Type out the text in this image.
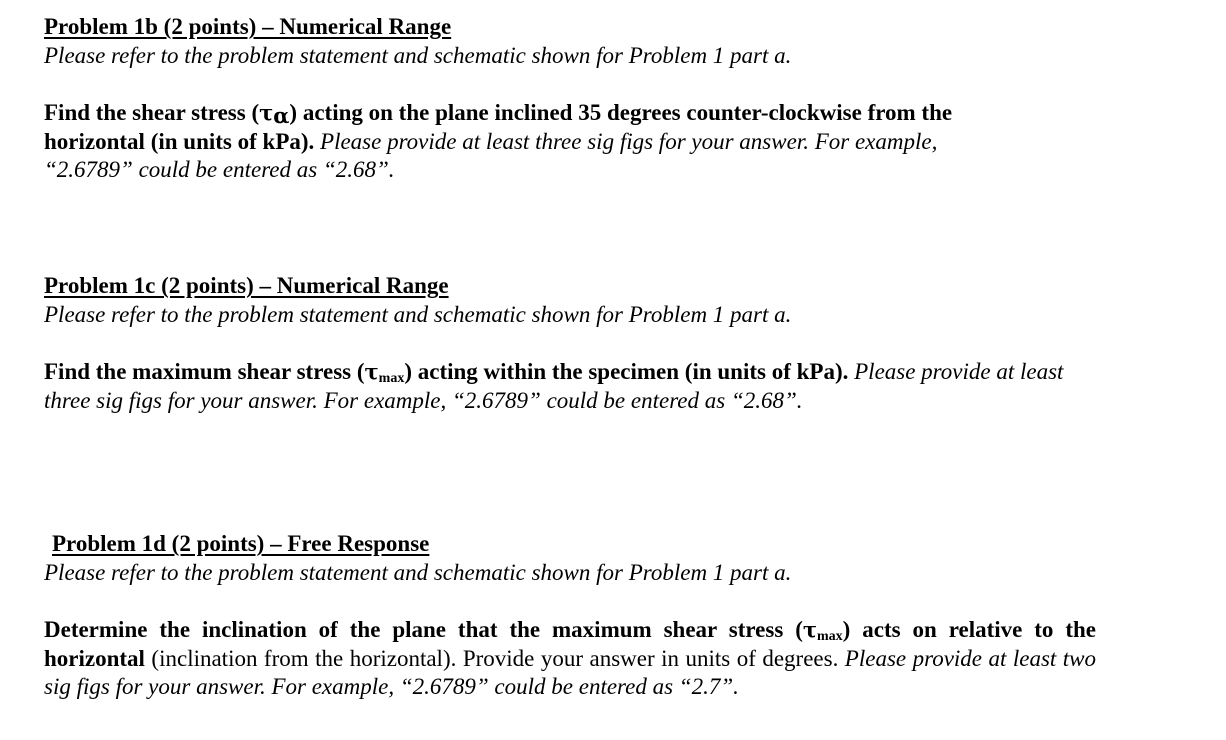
Problem 1b (2 points) – Numerical Range
Please refer to the problem statement and schematic shown for Problem 1 part a.
Find the shear stress $(\tau_\alpha)$ acting on the plane inclined 35 degrees counter-clockwise from the horizontal (in units of kPa). Please provide at least three sig figs for your answer. For example, “2.6789” could be entered as “2.68”.
Problem 1c (2 points) – Numerical Range
Please refer to the problem statement and schematic shown for Problem 1 part a.
Find the maximum shear stress $(\tau_{max})$ acting within the specimen (in units of kPa). Please provide at least three sig figs for your answer. For example, “2.6789” could be entered as “2.68”.
Problem 1d (2 points) – Free Response
Please refer to the problem statement and schematic shown for Problem 1 part a.
Determine the inclination of the plane that the maximum shear stress $(\tau_{max})$ acts on relative to the horizontal (inclination from the horizontal). Provide your answer in units of degrees. Please provide at least two sig figs for your answer. For example, “2.6789” could be entered as “2.7”.
